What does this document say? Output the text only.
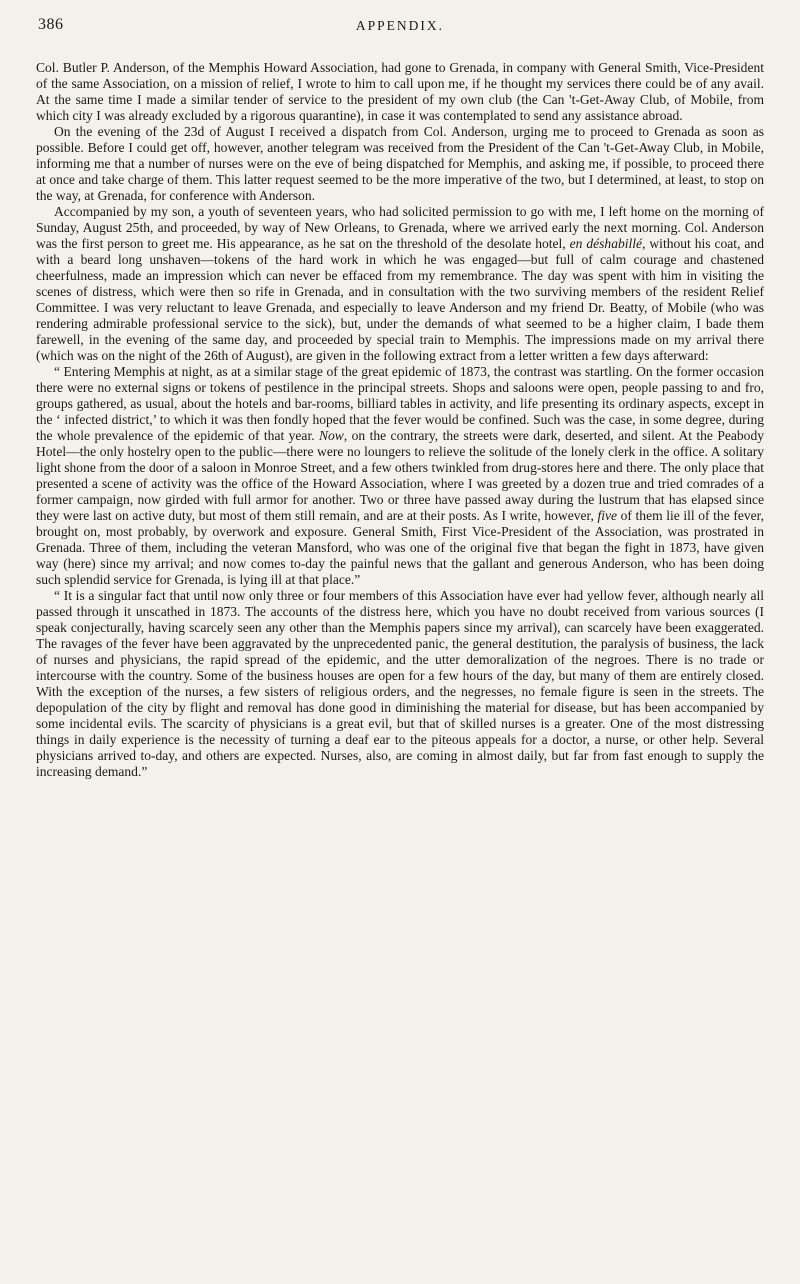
386	APPENDIX.

Col. Butler P. Anderson, of the Memphis Howard Association, had gone to Grenada, in company with General Smith, Vice-President of the same Association, on a mission of relief, I wrote to him to call upon me, if he thought my services there could be of any avail. At the same time I made a similar tender of service to the president of my own club (the Can 't-Get-Away Club, of Mobile, from which city I was already excluded by a rigorous quarantine), in case it was contemplated to send any assistance abroad.

On the evening of the 23d of August I received a dispatch from Col. Anderson, urging me to proceed to Grenada as soon as possible. Before I could get off, however, another telegram was received from the President of the Can 't-Get-Away Club, in Mobile, informing me that a number of nurses were on the eve of being dispatched for Memphis, and asking me, if possible, to proceed there at once and take charge of them. This latter request seemed to be the more imperative of the two, but I determined, at least, to stop on the way, at Grenada, for conference with Anderson.

Accompanied by my son, a youth of seventeen years, who had solicited permission to go with me, I left home on the morning of Sunday, August 25th, and proceeded, by way of New Orleans, to Grenada, where we arrived early the next morning. Col. Anderson was the first person to greet me. His appearance, as he sat on the threshold of the desolate hotel, en déshabillé, without his coat, and with a beard long unshaven—tokens of the hard work in which he was engaged—but full of calm courage and chastened cheerfulness, made an impression which can never be effaced from my remembrance. The day was spent with him in visiting the scenes of distress, which were then so rife in Grenada, and in consultation with the two surviving members of the resident Relief Committee. I was very reluctant to leave Grenada, and especially to leave Anderson and my friend Dr. Beatty, of Mobile (who was rendering admirable professional service to the sick), but, under the demands of what seemed to be a higher claim, I bade them farewell, in the evening of the same day, and proceeded by special train to Memphis. The impressions made on my arrival there (which was on the night of the 26th of August), are given in the following extract from a letter written a few days afterward:

“ Entering Memphis at night, as at a similar stage of the great epidemic of 1873, the contrast was startling. On the former occasion there were no external signs or tokens of pestilence in the principal streets. Shops and saloons were open, people passing to and fro, groups gathered, as usual, about the hotels and bar-rooms, billiard tables in activity, and life presenting its ordinary aspects, except in the ‘ infected district,’ to which it was then fondly hoped that the fever would be confined. Such was the case, in some degree, during the whole prevalence of the epidemic of that year. Now, on the contrary, the streets were dark, deserted, and silent. At the Peabody Hotel—the only hostelry open to the public—there were no loungers to relieve the solitude of the lonely clerk in the office. A solitary light shone from the door of a saloon in Monroe Street, and a few others twinkled from drug-stores here and there. The only place that presented a scene of activity was the office of the Howard Association, where I was greeted by a dozen true and tried comrades of a former campaign, now girded with full armor for another. Two or three have passed away during the lustrum that has elapsed since they were last on active duty, but most of them still remain, and are at their posts. As I write, however, five of them lie ill of the fever, brought on, most probably, by overwork and exposure. General Smith, First Vice-President of the Association, was prostrated in Grenada. Three of them, including the veteran Mansford, who was one of the original five that began the fight in 1873, have given way (here) since my arrival; and now comes to-day the painful news that the gallant and generous Anderson, who has been doing such splendid service for Grenada, is lying ill at that place.”

“ It is a singular fact that until now only three or four members of this Association have ever had yellow fever, although nearly all passed through it unscathed in 1873. The accounts of the distress here, which you have no doubt received from various sources (I speak conjecturally, having scarcely seen any other than the Memphis papers since my arrival), can scarcely have been exaggerated. The ravages of the fever have been aggravated by the unprecedented panic, the general destitution, the paralysis of business, the lack of nurses and physicians, the rapid spread of the epidemic, and the utter demoralization of the negroes. There is no trade or intercourse with the country. Some of the business houses are open for a few hours of the day, but many of them are entirely closed. With the exception of the nurses, a few sisters of religious orders, and the negresses, no female figure is seen in the streets. The depopulation of the city by flight and removal has done good in diminishing the material for disease, but has been accompanied by some incidental evils. The scarcity of physicians is a great evil, but that of skilled nurses is a greater. One of the most distressing things in daily experience is the necessity of turning a deaf ear to the piteous appeals for a doctor, a nurse, or other help. Several physicians arrived to-day, and others are expected. Nurses, also, are coming in almost daily, but far from fast enough to supply the increasing demand.”
